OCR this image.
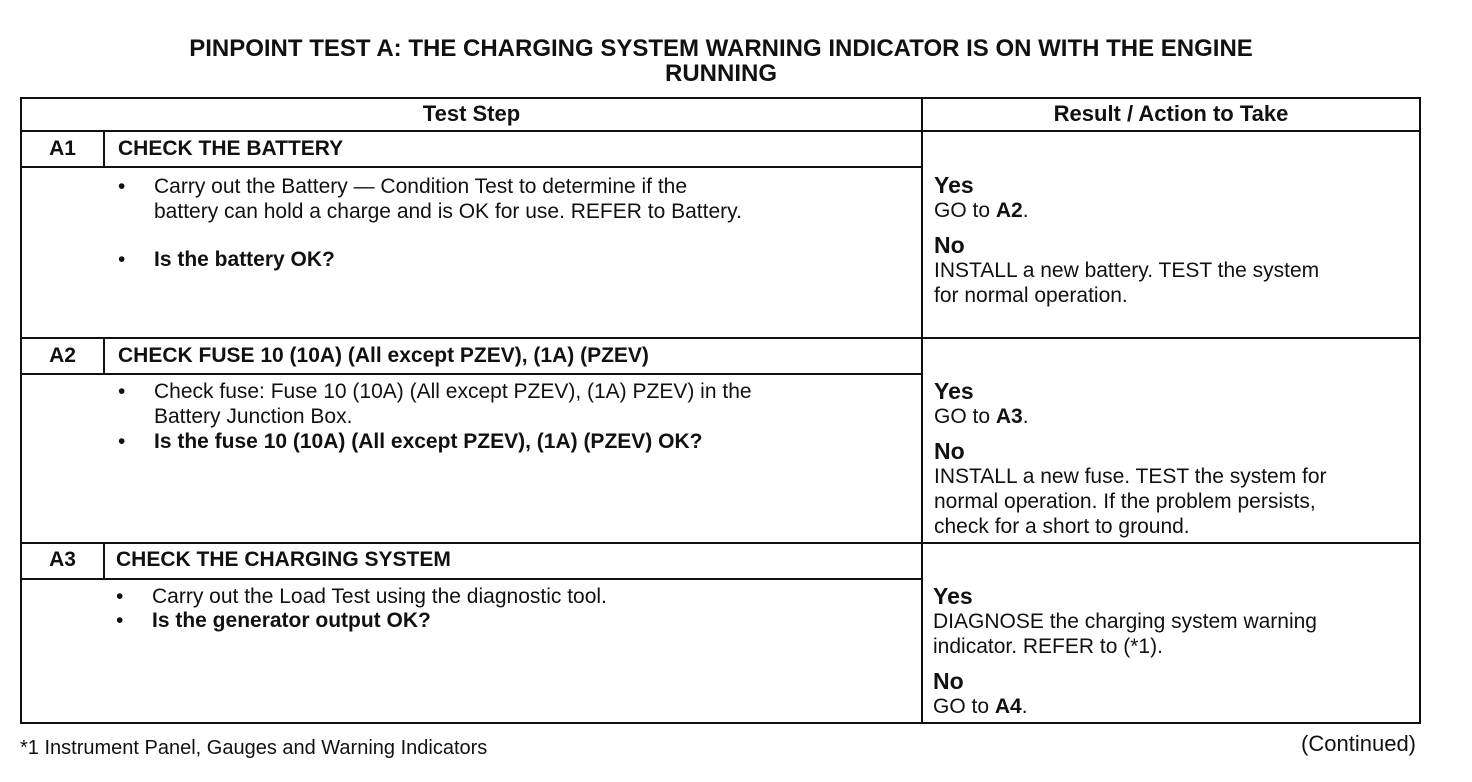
PINPOINT TEST A: THE CHARGING SYSTEM WARNING INDICATOR IS ON WITH THE ENGINE
RUNNING
Test Step	Result / Action to Take
A1	CHECK THE BATTERY
• Carry out the Battery — Condition Test to determine if the
battery can hold a charge and is OK for use. REFER to Battery.
• Is the battery OK?
Yes
GO to A2.
No
INSTALL a new battery. TEST the system
for normal operation.
A2	CHECK FUSE 10 (10A) (All except PZEV), (1A) (PZEV)
• Check fuse: Fuse 10 (10A) (All except PZEV), (1A) PZEV) in the
Battery Junction Box.
• Is the fuse 10 (10A) (All except PZEV), (1A) (PZEV) OK?
Yes
GO to A3.
No
INSTALL a new fuse. TEST the system for
normal operation. If the problem persists,
check for a short to ground.
A3	CHECK THE CHARGING SYSTEM
• Carry out the Load Test using the diagnostic tool.
• Is the generator output OK?
Yes
DIAGNOSE the charging system warning
indicator. REFER to (*1).
No
GO to A4.
*1 Instrument Panel, Gauges and Warning Indicators	(Continued)
